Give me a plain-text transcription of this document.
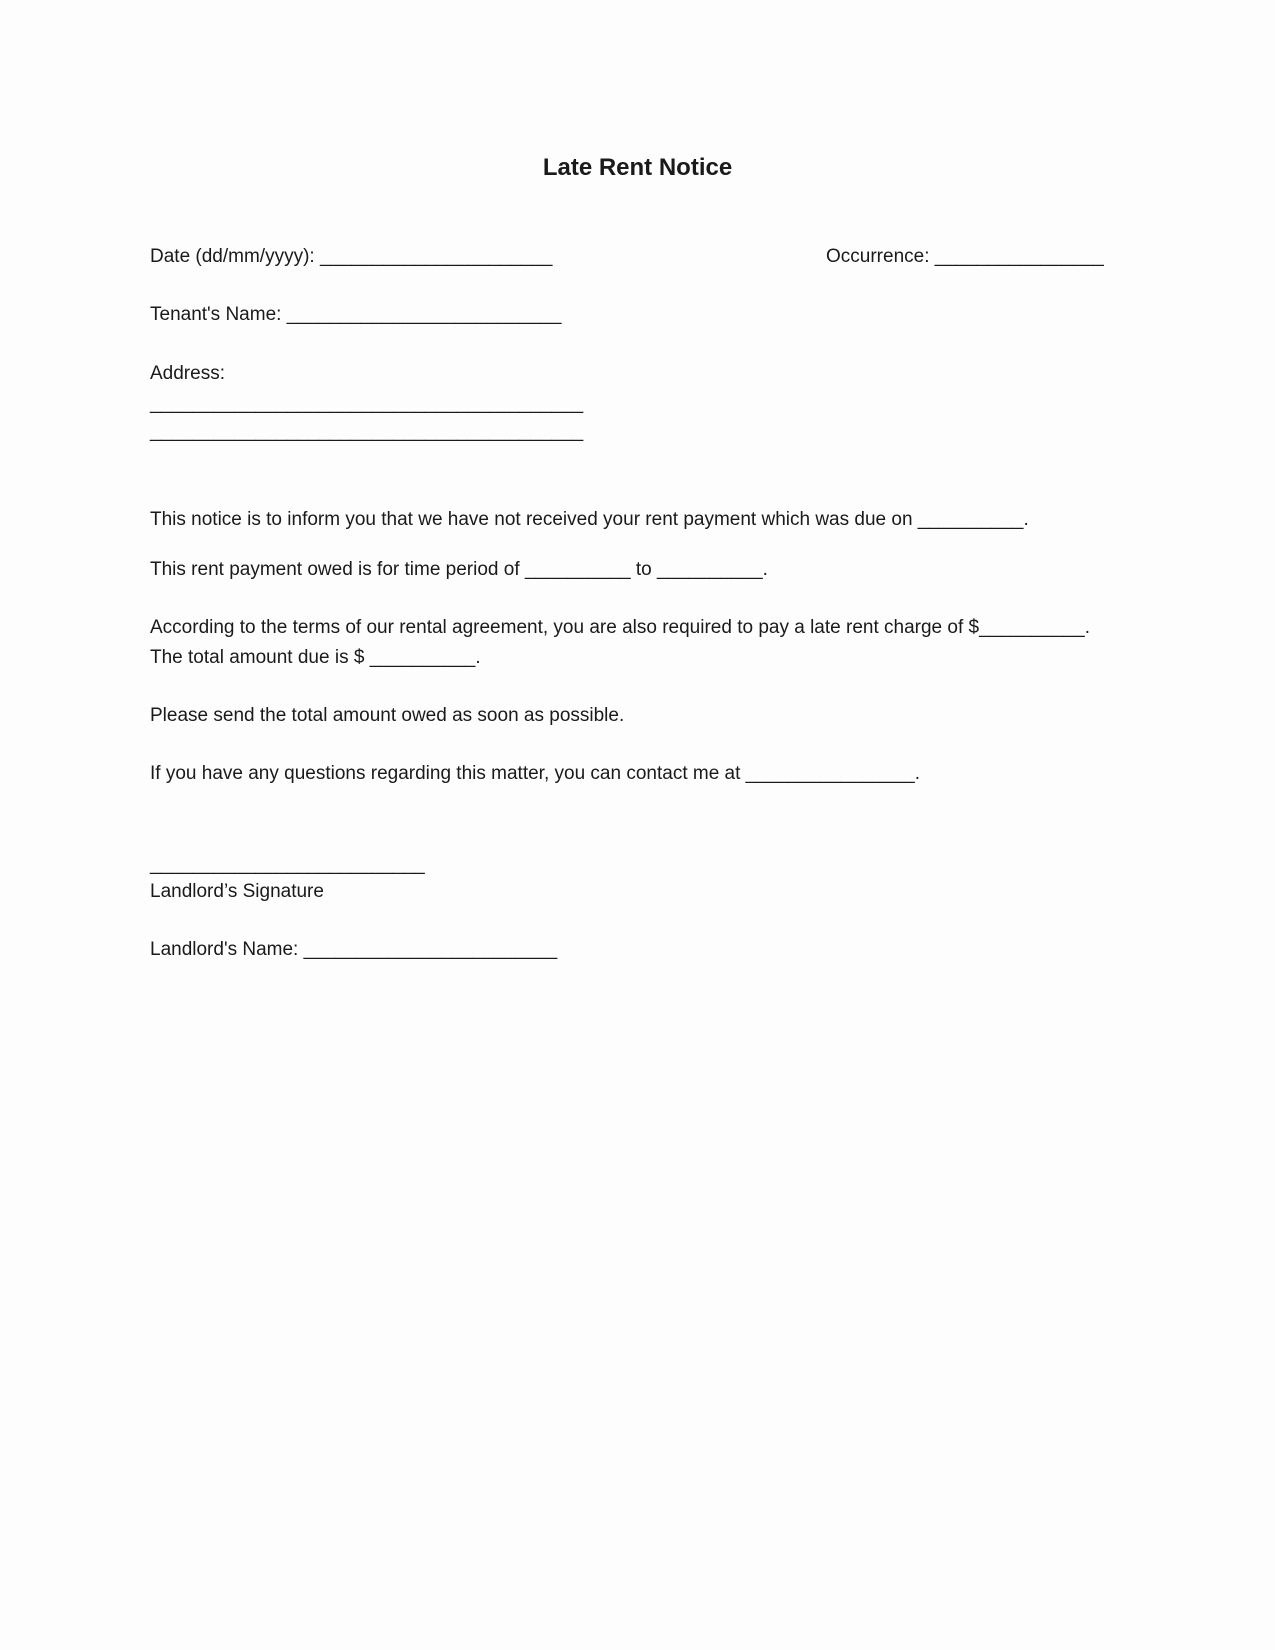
Late Rent Notice
Date (dd/mm/yyyy): ______________________	Occurrence: ________________
Tenant's Name: __________________________
Address:
_________________________________________
_________________________________________
This notice is to inform you that we have not received your rent payment which was due on __________.
This rent payment owed is for time period of __________ to __________.
According to the terms of our rental agreement, you are also required to pay a late rent charge of $__________.
The total amount due is $ __________.
Please send the total amount owed as soon as possible.
If you have any questions regarding this matter, you can contact me at ________________.
__________________________
Landlord’s Signature
Landlord's Name: ________________________
